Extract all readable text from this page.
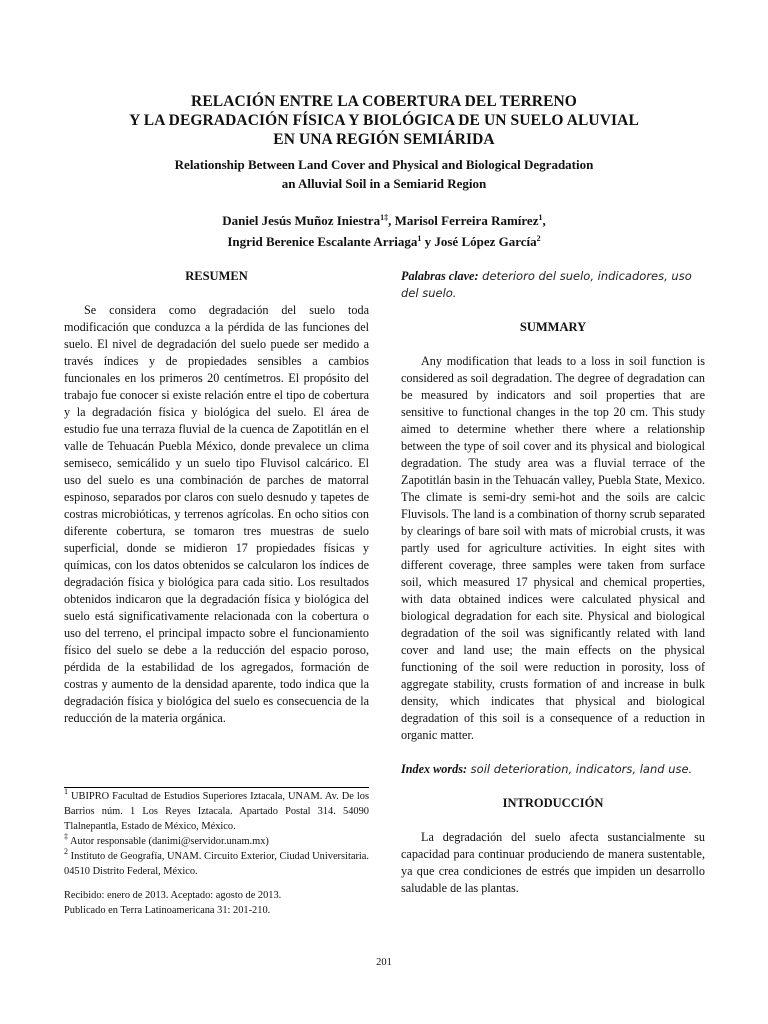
RELACIÓN ENTRE LA COBERTURA DEL TERRENO
Y LA DEGRADACIÓN FÍSICA Y BIOLÓGICA DE UN SUELO ALUVIAL
EN UNA REGIÓN SEMIÁRIDA
Relationship Between Land Cover and Physical and Biological Degradation
an Alluvial Soil in a Semiarid Region
Daniel Jesús Muñoz Iniestra$^{1\ddagger}$, Marisol Ferreira Ramírez$^1$,
Ingrid Berenice Escalante Arriaga$^1$ y José López García$^2$
RESUMEN

Se considera como degradación del suelo toda modificación que conduzca a la pérdida de las funciones del suelo. El nivel de degradación del suelo puede ser medido a través índices y de propiedades sensibles a cambios funcionales en los primeros 20 centímetros. El propósito del trabajo fue conocer si existe relación entre el tipo de cobertura y la degradación física y biológica del suelo. El área de estudio fue una terraza fluvial de la cuenca de Zapotitlán en el valle de Tehuacán Puebla México, donde prevalece un clima semiseco, semicálido y un suelo tipo Fluvisol calcárico. El uso del suelo es una combinación de parches de matorral espinoso, separados por claros con suelo desnudo y tapetes de costras microbióticas, y terrenos agrícolas. En ocho sitios con diferente cobertura, se tomaron tres muestras de suelo superficial, donde se midieron 17 propiedades físicas y químicas, con los datos obtenidos se calcularon los índices de degradación física y biológica para cada sitio. Los resultados obtenidos indicaron que la degradación física y biológica del suelo está significativamente relacionada con la cobertura o uso del terreno, el principal impacto sobre el funcionamiento físico del suelo se debe a la reducción del espacio poroso, pérdida de la estabilidad de los agregados, formación de costras y aumento de la densidad aparente, todo indica que la degradación física y biológica del suelo es consecuencia de la reducción de la materia orgánica.

$^1$ UBIPRO Facultad de Estudios Superiores Iztacala, UNAM. Av. De los Barrios núm. 1 Los Reyes Iztacala. Apartado Postal 314. 54090 Tlalnepantla, Estado de México, México.
‡ Autor responsable (danimi@servidor.unam.mx)
$^2$ Instituto de Geografía, UNAM. Circuito Exterior, Ciudad Universitaria. 04510 Distrito Federal, México.
Recibido: enero de 2013. Aceptado: agosto de 2013.
Publicado en Terra Latinoamericana 31: 201-210.
Palabras clave: deterioro del suelo, indicadores, uso del suelo.
SUMMARY

Any modification that leads to a loss in soil function is considered as soil degradation. The degree of degradation can be measured by indicators and soil properties that are sensitive to functional changes in the top 20 cm. This study aimed to determine whether there where a relationship between the type of soil cover and its physical and biological degradation. The study area was a fluvial terrace of the Zapotitlán basin in the Tehuacán valley, Puebla State, Mexico. The climate is semi-dry semi-hot and the soils are calcic Fluvisols. The land is a combination of thorny scrub separated by clearings of bare soil with mats of microbial crusts, it was partly used for agriculture activities. In eight sites with different coverage, three samples were taken from surface soil, which measured 17 physical and chemical properties, with data obtained indices were calculated physical and biological degradation for each site. Physical and biological degradation of the soil was significantly related with land cover and land use; the main effects on the physical functioning of the soil were reduction in porosity, loss of aggregate stability, crusts formation of and increase in bulk density, which indicates that physical and biological degradation of this soil is a consequence of a reduction in organic matter.

Index words: soil deterioration, indicators, land use.
INTRODUCCIÓN

La degradación del suelo afecta sustancialmente su capacidad para continuar produciendo de manera sustentable, ya que crea condiciones de estrés que impiden un desarrollo saludable de las plantas.

201
